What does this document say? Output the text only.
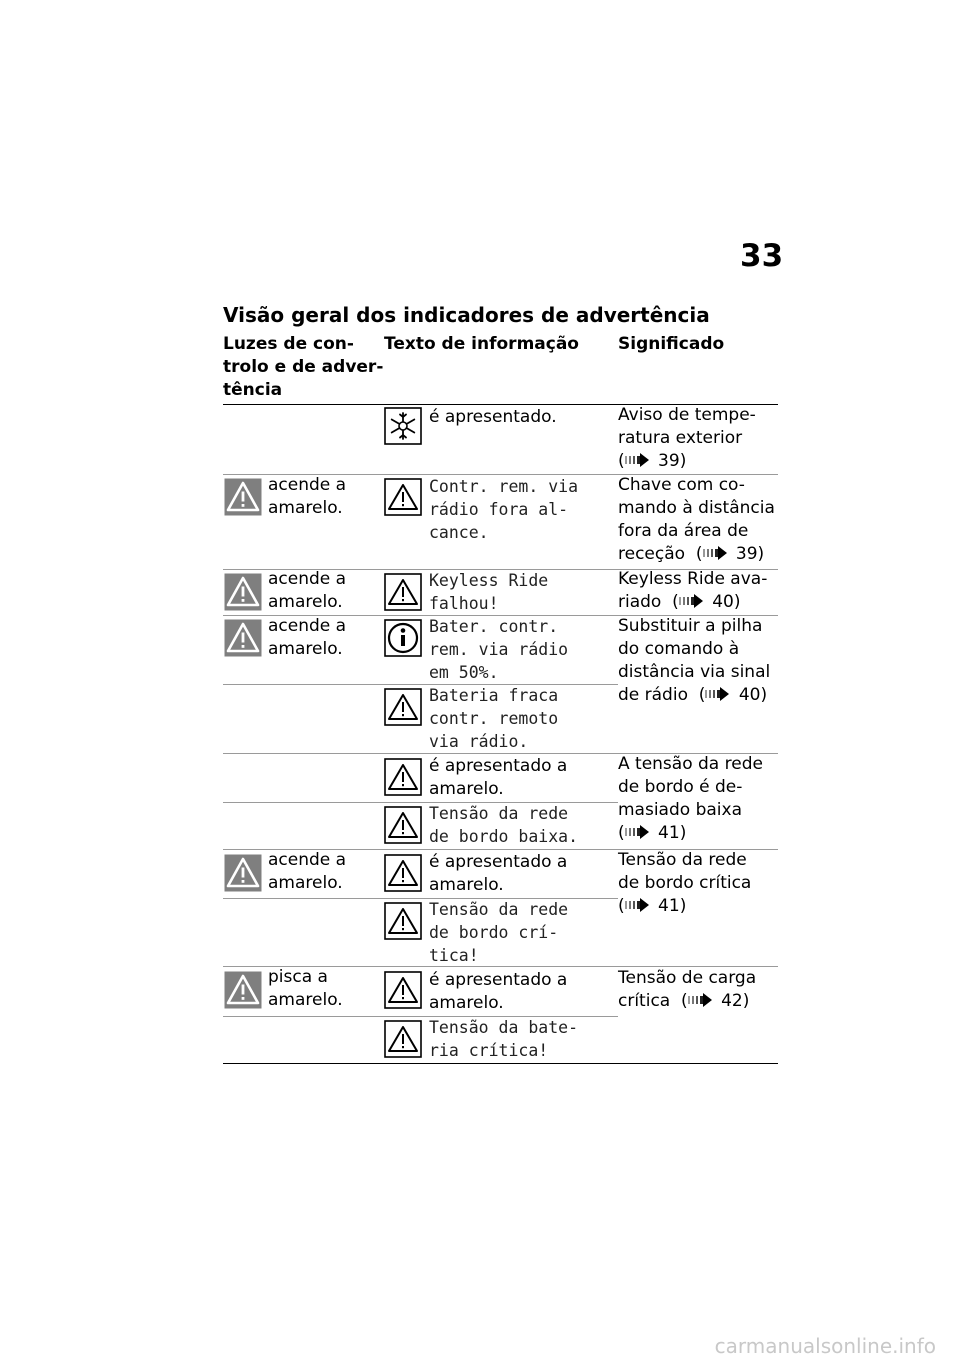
33
Visão geral dos indicadores de advertência
Luzes de con-
trolo e de adver-
tência
Texto de informação Significado
é apresentado.	Aviso de tempe-
ratura exterior
( 39)
acende a
amarelo.
Contr. rem. via
rádio fora al-
cance.
Chave com co-
mando à distância
fora da área de
receção  ( 39)
acende a
amarelo.
Keyless Ride
falhou!
Keyless Ride ava-
riado  ( 40)
acende a
amarelo.
Bater. contr.
rem. via rádio
em 50%.
Substituir a pilha
do comando à
distância via sinal
de rádio  ( 40)
Bateria fraca
contr. remoto
via rádio.
é apresentado a
amarelo.
A tensão da rede
de bordo é de-
masiado baixa
( 41)
Tensão da rede
de bordo baixa.
acende a
amarelo.
é apresentado a
amarelo.
Tensão da rede
de bordo crítica
( 41)
Tensão da rede
de bordo crí-
tica!
pisca a
amarelo.
é apresentado a
amarelo.
Tensão de carga
crítica  ( 42)
Tensão da bate-
ria crítica!
carmanualsonline.info
